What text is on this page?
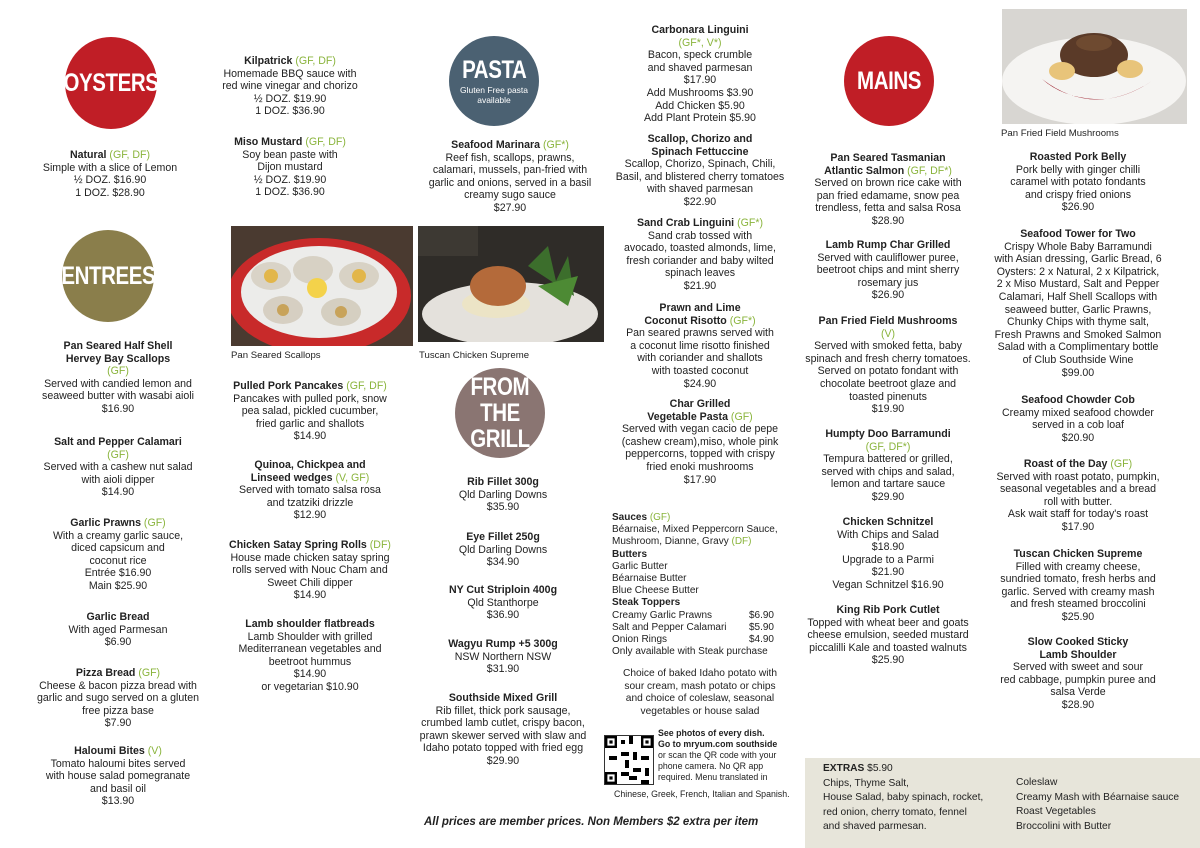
OYSTERS	PASTA
Gluten Free pasta available
ENTREES
FROM
THE GRILL
MAINS
Pan Seared Scallops	Tuscan Chicken Supreme
Pan Fried Field Mushrooms
Natural (GF, DF)
Simple with a slice of Lemon
½ DOZ. $16.90
1 DOZ. $28.90
Kilpatrick (GF, DF)
Homemade BBQ sauce with
red wine vinegar and chorizo
½ DOZ. $19.90
1 DOZ. $36.90
Miso Mustard (GF, DF)
Soy bean paste with
Dijon mustard
½ DOZ. $19.90
1 DOZ. $36.90
Pan Seared Half Shell
Hervey Bay Scallops
(GF)
Served with candied lemon and
seaweed butter with wasabi aioli
$16.90
Salt and Pepper Calamari
(GF)
Served with a cashew nut salad
with aioli dipper
$14.90
Garlic Prawns (GF)
With a creamy garlic sauce,
diced capsicum and
coconut rice
Entrée $16.90
Main $25.90
Garlic Bread
With aged Parmesan
$6.90
Pizza Bread (GF)
Cheese & bacon pizza bread with
garlic and sugo served on a gluten
free pizza base
$7.90
Haloumi Bites (V)
Tomato haloumi bites served
with house salad pomegranate
and basil oil
$13.90
Pulled Pork Pancakes (GF, DF)
Pancakes with pulled pork, snow
pea salad, pickled cucumber,
fried garlic and shallots
$14.90
Quinoa, Chickpea and
Linseed wedges (V, GF)
Served with tomato salsa rosa
and tzatziki drizzle
$12.90
Chicken Satay Spring Rolls (DF)
House made chicken satay spring
rolls served with Nouc Cham and
Sweet Chili dipper
$14.90
Lamb shoulder flatbreads
Lamb Shoulder with grilled
Mediterranean vegetables and
beetroot hummus
$14.90
or vegetarian $10.90
Seafood Marinara (GF*)
Reef fish, scallops, prawns,
calamari, mussels, pan-fried with
garlic and onions, served in a basil
creamy sugo sauce
$27.90
Carbonara Linguini
(GF*, V*)
Bacon, speck crumble
and shaved parmesan
$17.90
Add Mushrooms $3.90
Add Chicken $5.90
Add Plant Protein $5.90
Scallop, Chorizo and
Spinach Fettuccine
Scallop, Chorizo, Spinach, Chili,
Basil, and blistered cherry tomatoes
with shaved parmesan
$22.90
Sand Crab Linguini (GF*)
Sand crab tossed with
avocado, toasted almonds, lime,
fresh coriander and baby wilted
spinach leaves
$21.90
Prawn and Lime
Coconut Risotto (GF*)
Pan seared prawns served with
a coconut lime risotto finished
with coriander and shallots
with toasted coconut
$24.90
Char Grilled
Vegetable Pasta (GF)
Served with vegan cacio de pepe
(cashew cream),miso, whole pink
peppercorns, topped with crispy
fried enoki mushrooms
$17.90
Rib Fillet 300g
Qld Darling Downs
$35.90
Eye Fillet 250g
Qld Darling Downs
$34.90
NY Cut Striploin 400g
Qld Stanthorpe
$36.90
Wagyu Rump +5 300g
NSW Northern NSW
$31.90
Southside Mixed Grill
Rib fillet, thick pork sausage,
crumbed lamb cutlet, crispy bacon,
prawn skewer served with slaw and
Idaho potato topped with fried egg
$29.90
Sauces (GF)
Béarnaise, Mixed Peppercorn Sauce,
Mushroom, Dianne, Gravy (DF)
Butters
Garlic Butter
Béarnaise Butter
Blue Cheese Butter
Steak Toppers
Creamy Garlic Prawns	$6.90
Salt and Pepper Calamari $5.90
Onion Rings	$4.90
Only available with Steak purchase
Choice of baked Idaho potato with
sour cream, mash potato or chips
and choice of coleslaw, seasonal
vegetables or house salad
See photos of every dish.
Go to mryum.com southside
or scan the QR code with your
phone camera. No QR app
required. Menu translated in
Chinese, Greek, French, Italian and Spanish.
Pan Seared Tasmanian
Atlantic Salmon (GF, DF*)
Served on brown rice cake with
pan fried edamame, snow pea
trendless, fetta and salsa Rosa
$28.90
Lamb Rump Char Grilled
Served with cauliflower puree,
beetroot chips and mint sherry
rosemary jus
$26.90
Pan Fried Field Mushrooms
(V)
Served with smoked fetta, baby
spinach and fresh cherry tomatoes.
Served on potato fondant with
chocolate beetroot glaze and
toasted pinenuts
$19.90
Humpty Doo Barramundi
(GF, DF*)
Tempura battered or grilled,
served with chips and salad,
lemon and tartare sauce
$29.90
Chicken Schnitzel
With Chips and Salad
$18.90
Upgrade to a Parmi
$21.90
Vegan Schnitzel $16.90
King Rib Pork Cutlet
Topped with wheat beer and goats
cheese emulsion, seeded mustard
piccalilli Kale and toasted walnuts
$25.90
Roasted Pork Belly
Pork belly with ginger chilli
caramel with potato fondants
and crispy fried onions
$26.90
Seafood Tower for Two
Crispy Whole Baby Barramundi
with Asian dressing, Garlic Bread, 6
Oysters: 2 x Natural, 2 x Kilpatrick,
2 x Miso Mustard, Salt and Pepper
Calamari, Half Shell Scallops with
seaweed butter, Garlic Prawns,
Chunky Chips with thyme salt,
Fresh Prawns and Smoked Salmon
Salad with a Complimentary bottle
of Club Southside Wine
$99.00
Seafood Chowder Cob
Creamy mixed seafood chowder
served in a cob loaf
$20.90
Roast of the Day (GF)
Served with roast potato, pumpkin,
seasonal vegetables and a bread
roll with butter.
Ask wait staff for today's roast
$17.90
Tuscan Chicken Supreme
Filled with creamy cheese,
sundried tomato, fresh herbs and
garlic. Served with creamy mash
and fresh steamed broccolini
$25.90
Slow Cooked Sticky
Lamb Shoulder
Served with sweet and sour
red cabbage, pumpkin puree and
salsa Verde
$28.90
EXTRAS $5.90
Chips, Thyme Salt,
House Salad, baby spinach, rocket,
red onion, cherry tomato, fennel
and shaved parmesan.
Coleslaw
Creamy Mash with Béarnaise sauce
Roast Vegetables
Broccolini with Butter
All prices are member prices. Non Members $2 extra per item
